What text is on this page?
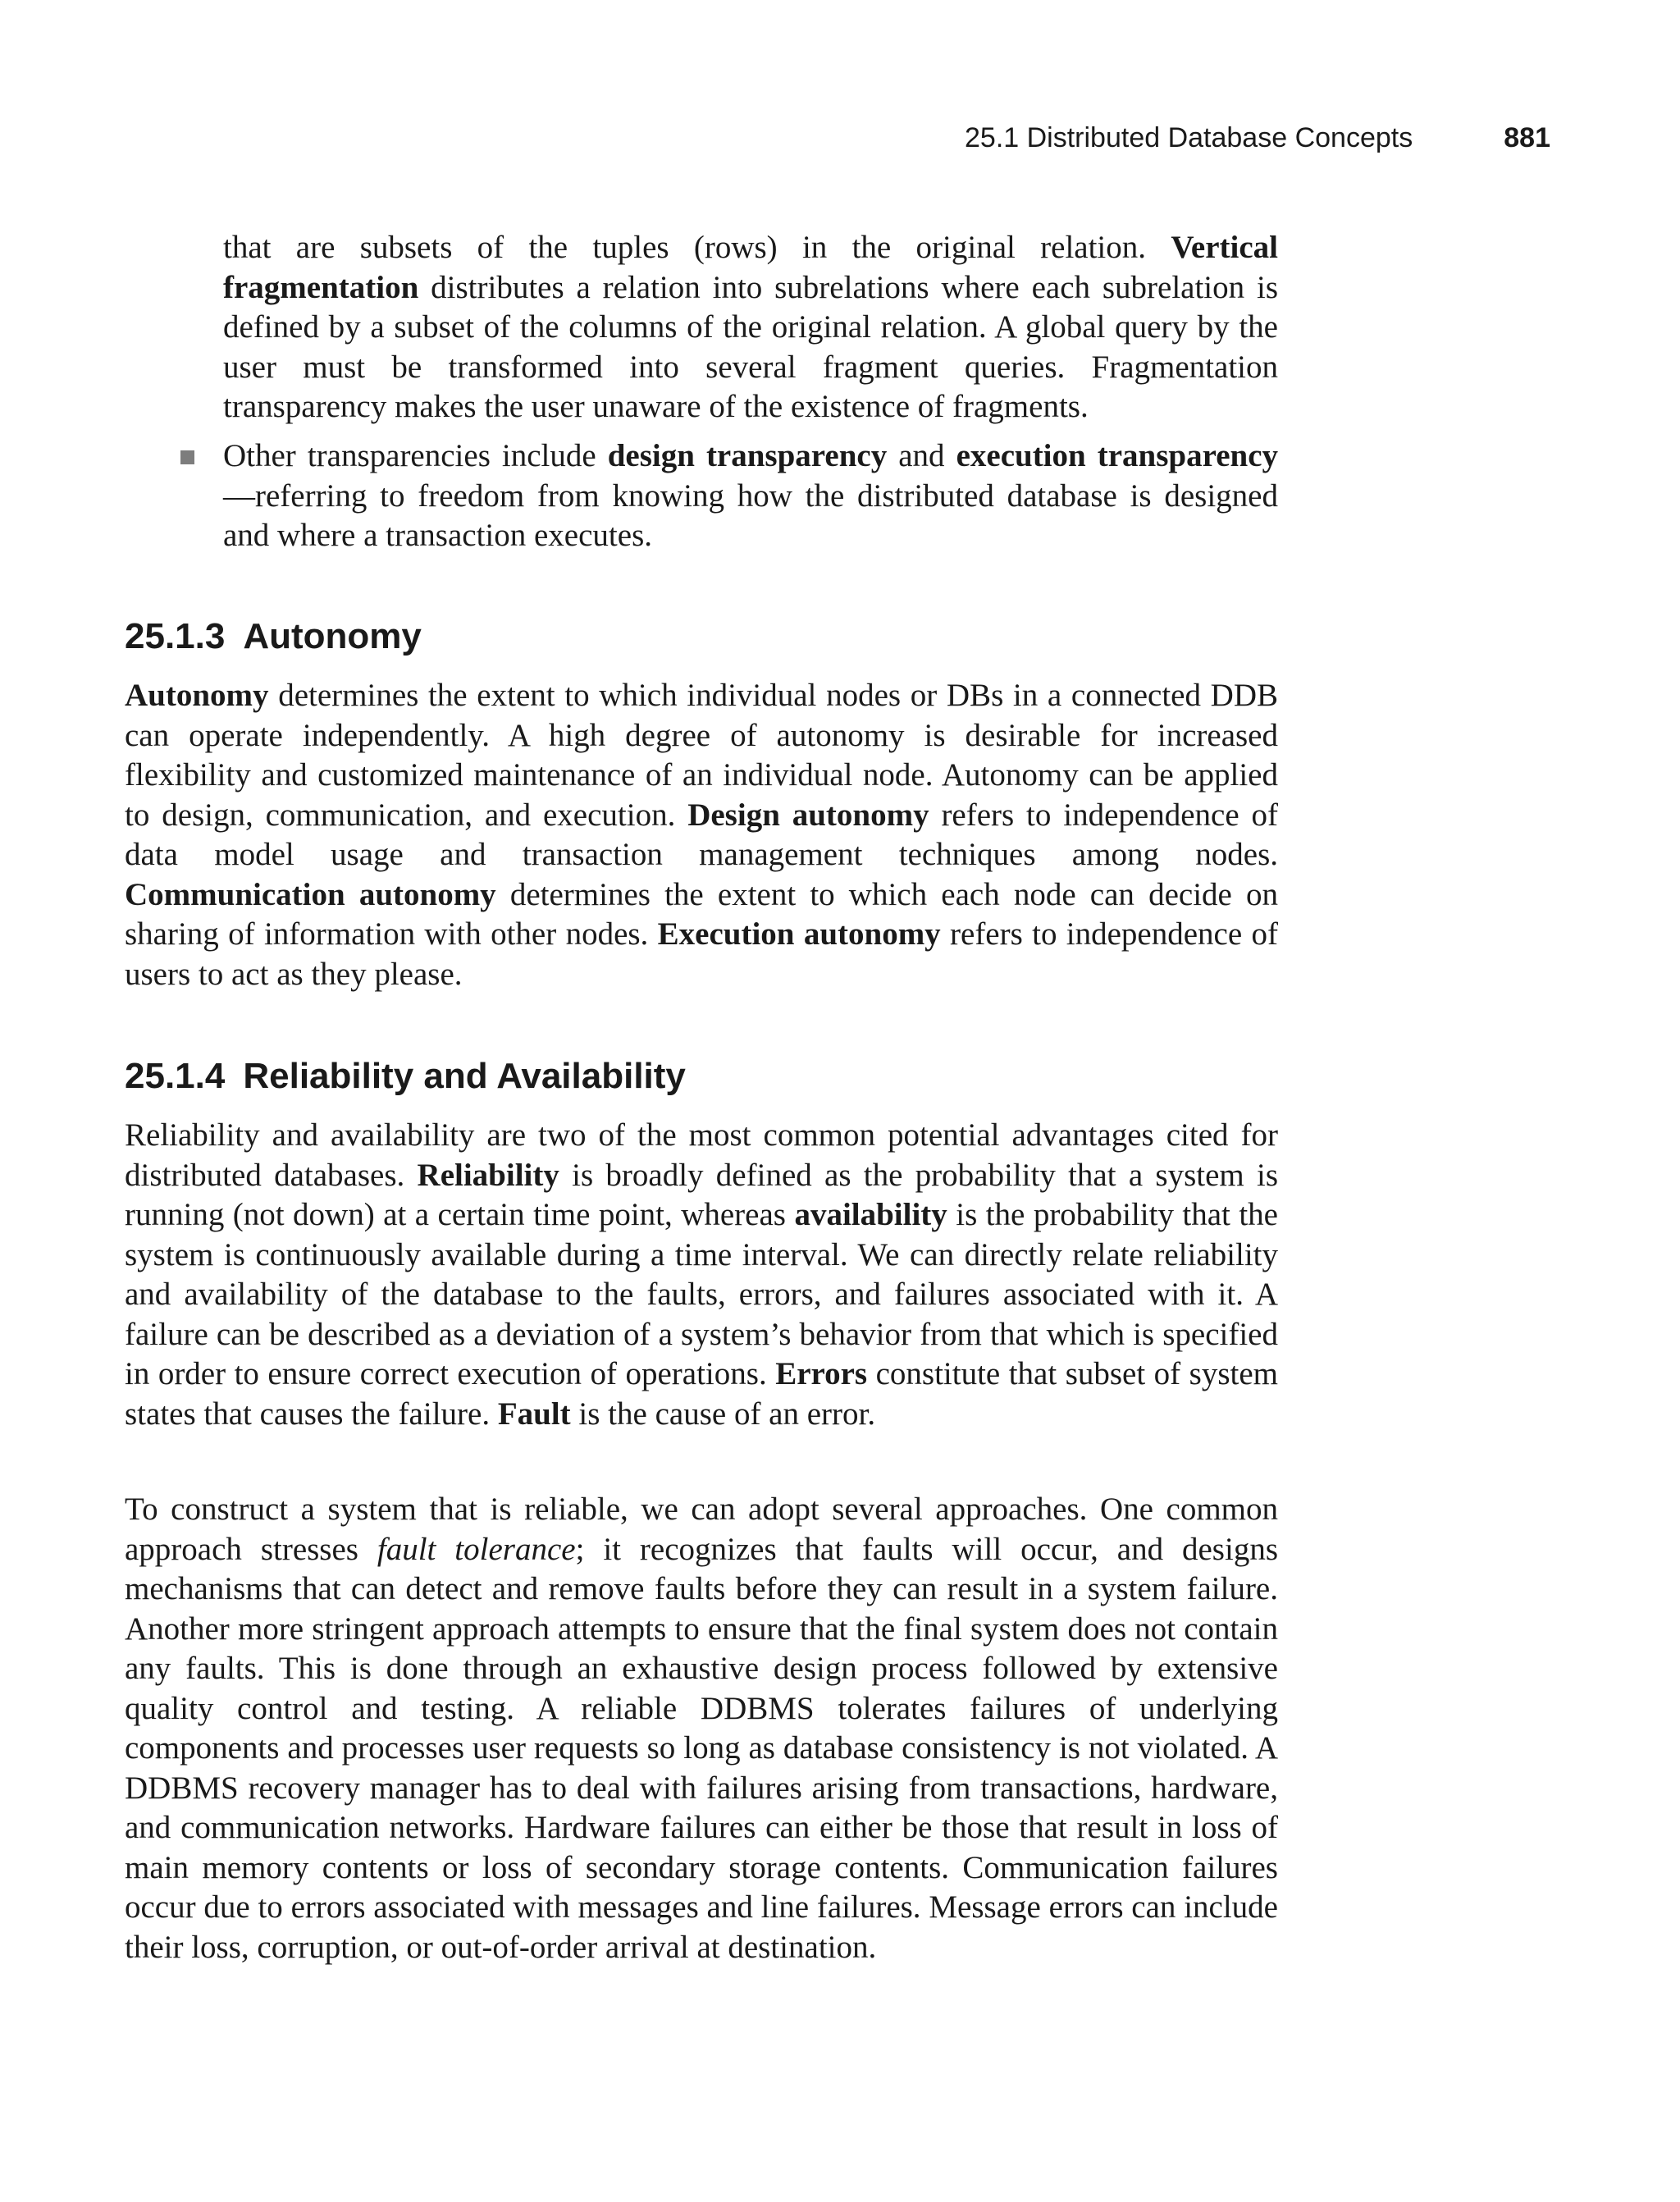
25.1 Distributed Database Concepts	881

that are subsets of the tuples (rows) in the original relation. Vertical fragmentation distributes a relation into subrelations where each subrelation is defined by a subset of the columns of the original relation. A global query by the user must be transformed into several fragment queries. Fragmentation transparency makes the user unaware of the existence of fragments.

Other transparencies include design transparency and execution transparency—referring to freedom from knowing how the distributed database is designed and where a transaction executes.

25.1.3 Autonomy

Autonomy determines the extent to which individual nodes or DBs in a connected DDB can operate independently. A high degree of autonomy is desirable for increased flexibility and customized maintenance of an individual node. Autonomy can be applied to design, communication, and execution. Design autonomy refers to independence of data model usage and transaction management techniques among nodes. Communication autonomy determines the extent to which each node can decide on sharing of information with other nodes. Execution autonomy refers to independence of users to act as they please.

25.1.4 Reliability and Availability

Reliability and availability are two of the most common potential advantages cited for distributed databases. Reliability is broadly defined as the probability that a system is running (not down) at a certain time point, whereas availability is the probability that the system is continuously available during a time interval. We can directly relate reliability and availability of the database to the faults, errors, and failures associated with it. A failure can be described as a deviation of a system’s behavior from that which is specified in order to ensure correct execution of operations. Errors constitute that subset of system states that causes the failure. Fault is the cause of an error.

To construct a system that is reliable, we can adopt several approaches. One common approach stresses fault tolerance; it recognizes that faults will occur, and designs mechanisms that can detect and remove faults before they can result in a system failure. Another more stringent approach attempts to ensure that the final system does not contain any faults. This is done through an exhaustive design process followed by extensive quality control and testing. A reliable DDBMS tolerates failures of underlying components and processes user requests so long as database consistency is not violated. A DDBMS recovery manager has to deal with failures arising from transactions, hardware, and communication networks. Hardware failures can either be those that result in loss of main memory contents or loss of secondary storage contents. Communication failures occur due to errors associated with messages and line failures. Message errors can include their loss, corruption, or out-of-order arrival at destination.
